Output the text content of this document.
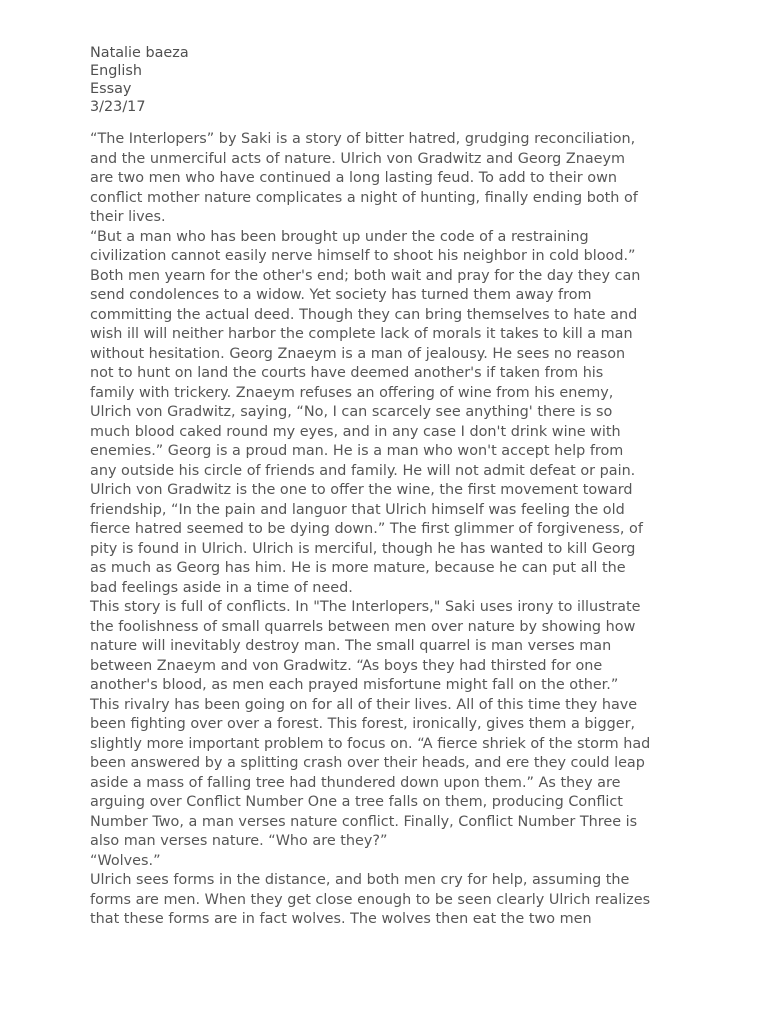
Natalie baeza
English
Essay
3/23/17
“The Interlopers” by Saki is a story of bitter hatred, grudging reconciliation,
and the unmerciful acts of nature. Ulrich von Gradwitz and Georg Znaeym
are two men who have continued a long lasting feud. To add to their own
conflict mother nature complicates a night of hunting, finally ending both of
their lives.
“But a man who has been brought up under the code of a restraining
civilization cannot easily nerve himself to shoot his neighbor in cold blood.”
Both men yearn for the other's end; both wait and pray for the day they can
send condolences to a widow. Yet society has turned them away from
committing the actual deed. Though they can bring themselves to hate and
wish ill will neither harbor the complete lack of morals it takes to kill a man
without hesitation. Georg Znaeym is a man of jealousy. He sees no reason
not to hunt on land the courts have deemed another's if taken from his
family with trickery. Znaeym refuses an offering of wine from his enemy,
Ulrich von Gradwitz, saying, “No, I can scarcely see anything' there is so
much blood caked round my eyes, and in any case I don't drink wine with
enemies.” Georg is a proud man. He is a man who won't accept help from
any outside his circle of friends and family. He will not admit defeat or pain.
Ulrich von Gradwitz is the one to offer the wine, the first movement toward
friendship, “In the pain and languor that Ulrich himself was feeling the old
fierce hatred seemed to be dying down.” The first glimmer of forgiveness, of
pity is found in Ulrich. Ulrich is merciful, though he has wanted to kill Georg
as much as Georg has him. He is more mature, because he can put all the
bad feelings aside in a time of need.
This story is full of conflicts. In "The Interlopers," Saki uses irony to illustrate
the foolishness of small quarrels between men over nature by showing how
nature will inevitably destroy man. The small quarrel is man verses man
between Znaeym and von Gradwitz. “As boys they had thirsted for one
another's blood, as men each prayed misfortune might fall on the other.”
This rivalry has been going on for all of their lives. All of this time they have
been fighting over over a forest. This forest, ironically, gives them a bigger,
slightly more important problem to focus on. “A fierce shriek of the storm had
been answered by a splitting crash over their heads, and ere they could leap
aside a mass of falling tree had thundered down upon them.” As they are
arguing over Conflict Number One a tree falls on them, producing Conflict
Number Two, a man verses nature conflict. Finally, Conflict Number Three is
also man verses nature. “Who are they?”
“Wolves.”
Ulrich sees forms in the distance, and both men cry for help, assuming the
forms are men. When they get close enough to be seen clearly Ulrich realizes
that these forms are in fact wolves. The wolves then eat the two men
